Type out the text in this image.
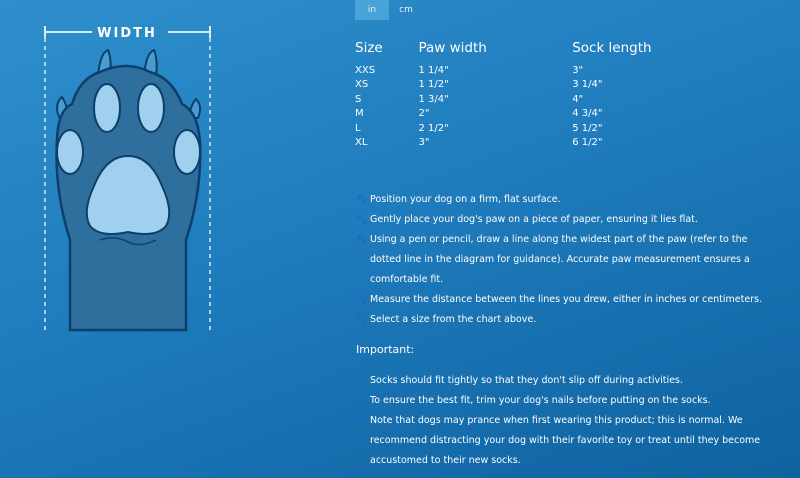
in	cm
WIDTH
Size	Paw width	Sock length
XXS	1 1/4"	3"
XS	1 1/2"	3 1/4"
S	1 3/4"	4"
M	2"	4 3/4"
L	2 1/2"	5 1/2"
XL	3"	6 1/2"
🐾 Position your dog on a firm, flat surface.
🐾 Gently place your dog's paw on a piece of paper, ensuring it lies flat.
🐾 Using a pen or pencil, draw a line along the widest part of the paw (refer to the dotted line in the diagram for guidance). Accurate paw measurement ensures a comfortable fit.
🐾 Measure the distance between the lines you drew, either in inches or centimeters.
🐾 Select a size from the chart above.
Important:
🐾 Socks should fit tightly so that they don't slip off during activities.
🐾 To ensure the best fit, trim your dog's nails before putting on the socks.
🐾 Note that dogs may prance when first wearing this product; this is normal. We recommend distracting your dog with their favorite toy or treat until they become accustomed to their new socks.
